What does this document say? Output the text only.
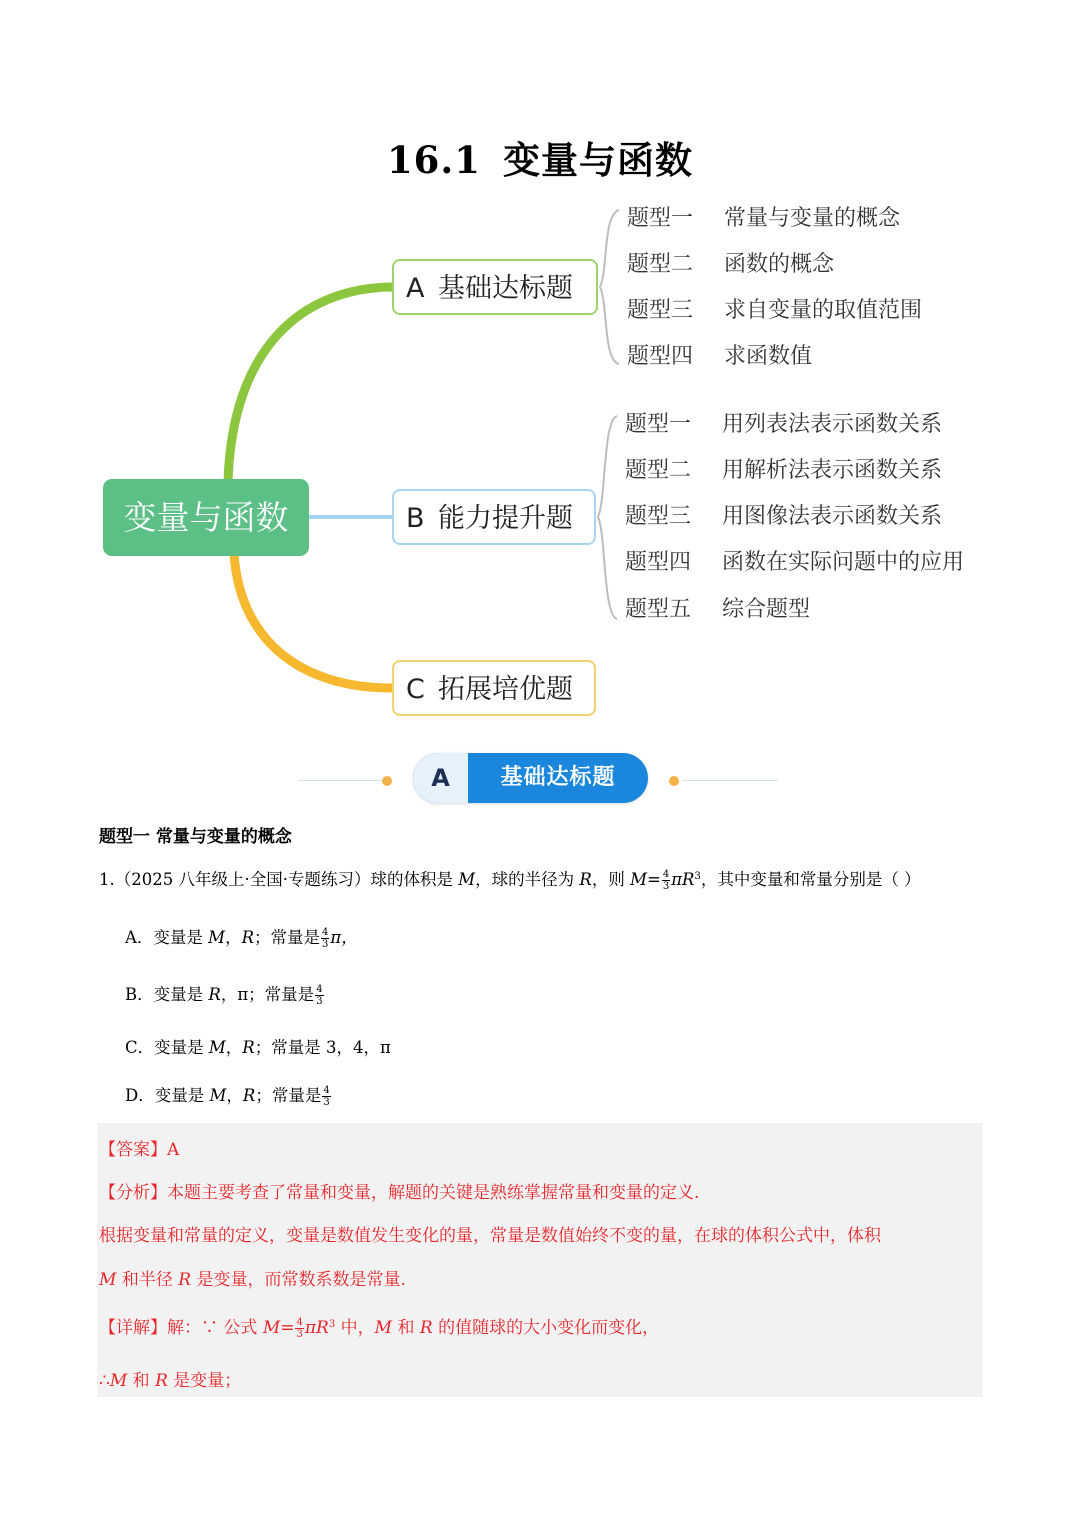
16.1 变量与函数
变量与函数
A 基础达标题
B 能力提升题
C 拓展培优题
题型一 常量与变量的概念
题型二 函数的概念
题型三 求自变量的取值范围
题型四 求函数值
题型一 用列表法表示函数关系
题型二 用解析法表示函数关系
题型三 用图像法表示函数关系
题型四 函数在实际问题中的应用
题型五 综合题型
A	基础达标题
题型一 常量与变量的概念
1.（2025 八年级上·全国·专题练习）球的体积是 M，球的半径为 R，则 $M= \frac{4}{3} \pi R^3$，其中变量和常量分别是（ ）
A．变量是 M，R；常量是 $\frac{4}{3}$ π，
B．变量是 R，π；常量是 $\frac{4}{3}$
C．变量是 M，R；常量是 3，4，π
D．变量是 M，R；常量是 $\frac{4}{3}$
【答案】A
【分析】本题主要考查了常量和变量，解题的关键是熟练掌握常量和变量的定义.
根据变量和常量的定义，变量是数值发生变化的量，常量是数值始终不变的量，在球的体积公式中，体积
M 和半径 R 是变量，而常数系数是常量.
【详解】解：∵ 公式 $M= \frac{4}{3} \pi R^3$ 中，M 和 R 的值随球的大小变化而变化，
∴M 和 R 是变量；
